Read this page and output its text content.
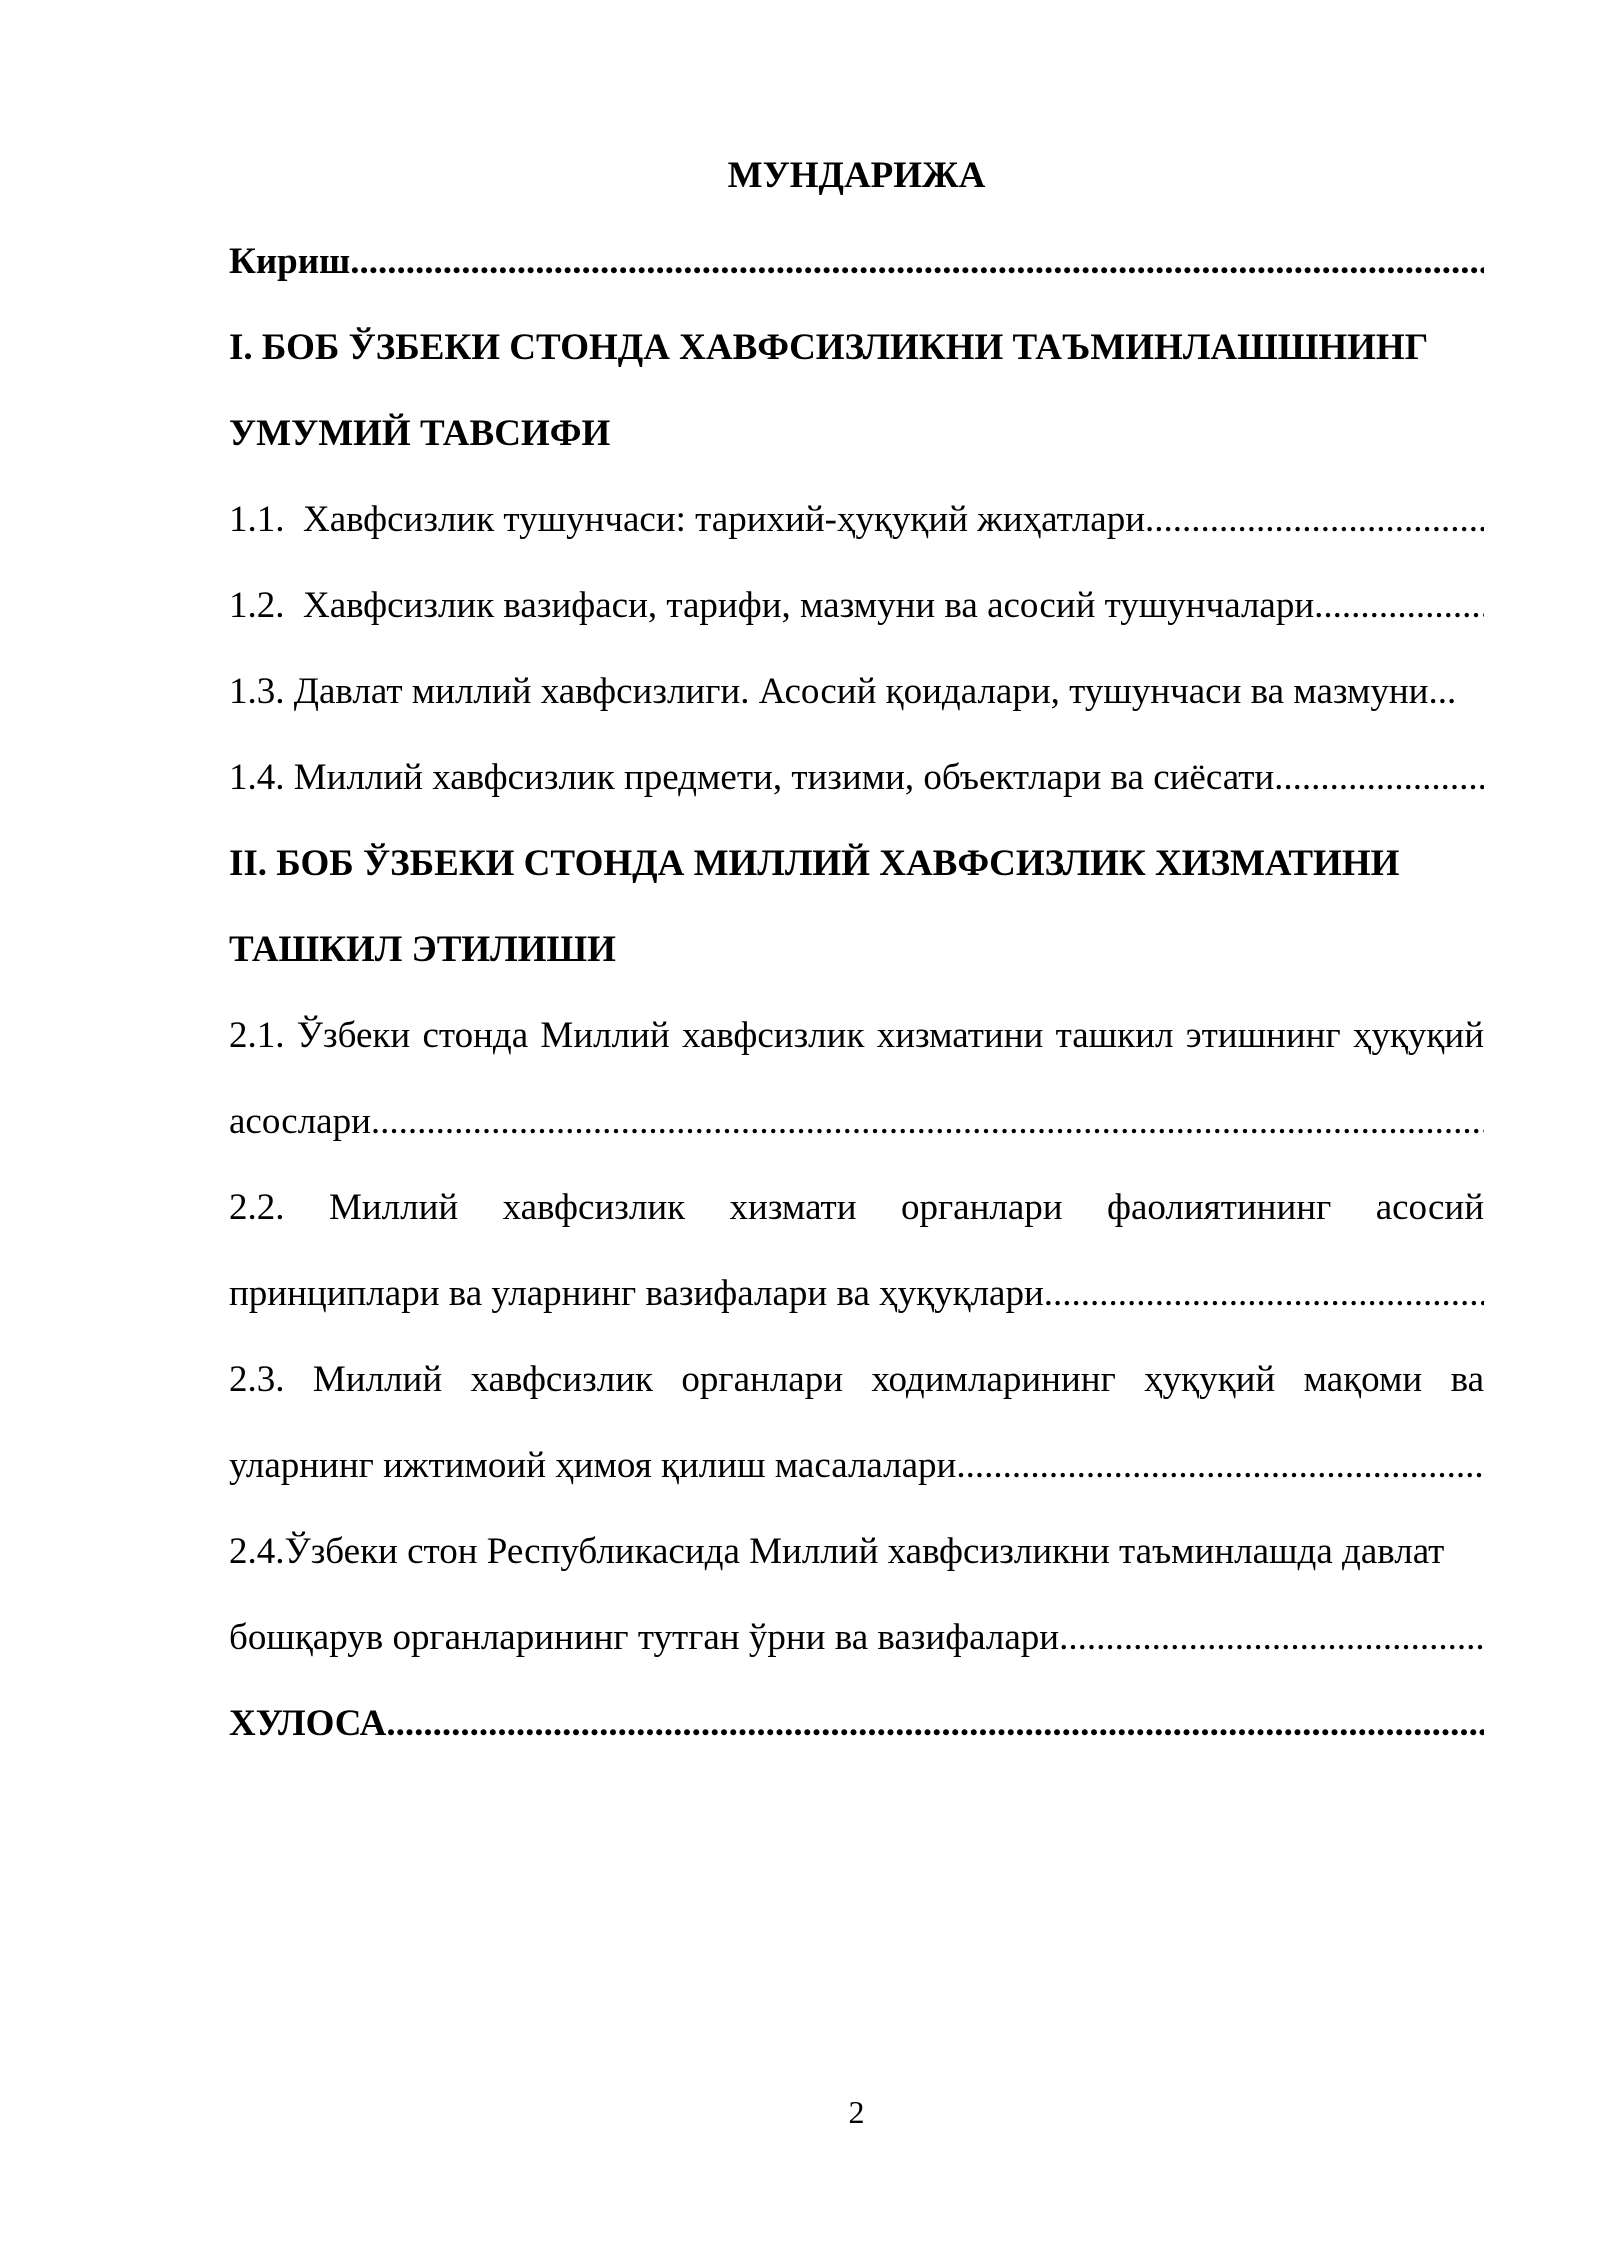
МУНДАРИЖА
Кириш
.....
I. БОБ ЎЗБЕКИ СТОНДА ХАВФСИЗЛИКНИ ТАЪМИНЛАШШНИНГ
УМУМИЙ ТАВСИФИ
1.1.  Хавфсизлик тушунчаси: тарихий-ҳуқуқий жиҳатлари
.....
1.2.  Хавфсизлик вазифаси, тарифи, мазмуни ва асосий тушунчалари
.....
1.3. Давлат миллий хавфсизлиги. Асосий қоидалари, тушунчаси ва мазмуни...
1.4. Миллий хавфсизлик предмети, тизими, объектлари ва сиёсати
.....
II. БОБ ЎЗБЕКИ СТОНДА МИЛЛИЙ ХАВФСИЗЛИК ХИЗМАТИНИ
ТАШКИЛ ЭТИЛИШИ
2.1. Ўзбеки стонда Миллий хавфсизлик хизматини ташкил этишнинг ҳуқуқий
асослари
.....
2.2. Миллий хавфсизлик хизмати органлари фаолиятининг асосий
принциплари ва уларнинг вазифалари ва ҳуқуқлари
.....
2.3. Миллий хавфсизлик органлари ходимларининг ҳуқуқий мақоми ва
уларнинг ижтимоий ҳимоя қилиш масалалари
.....
2.4.Ўзбеки стон Республикасида Миллий хавфсизликни таъминлашда давлат
бошқарув органларининг тутган ўрни ва вазифалари
.....
ХУЛОСА
.....
2
